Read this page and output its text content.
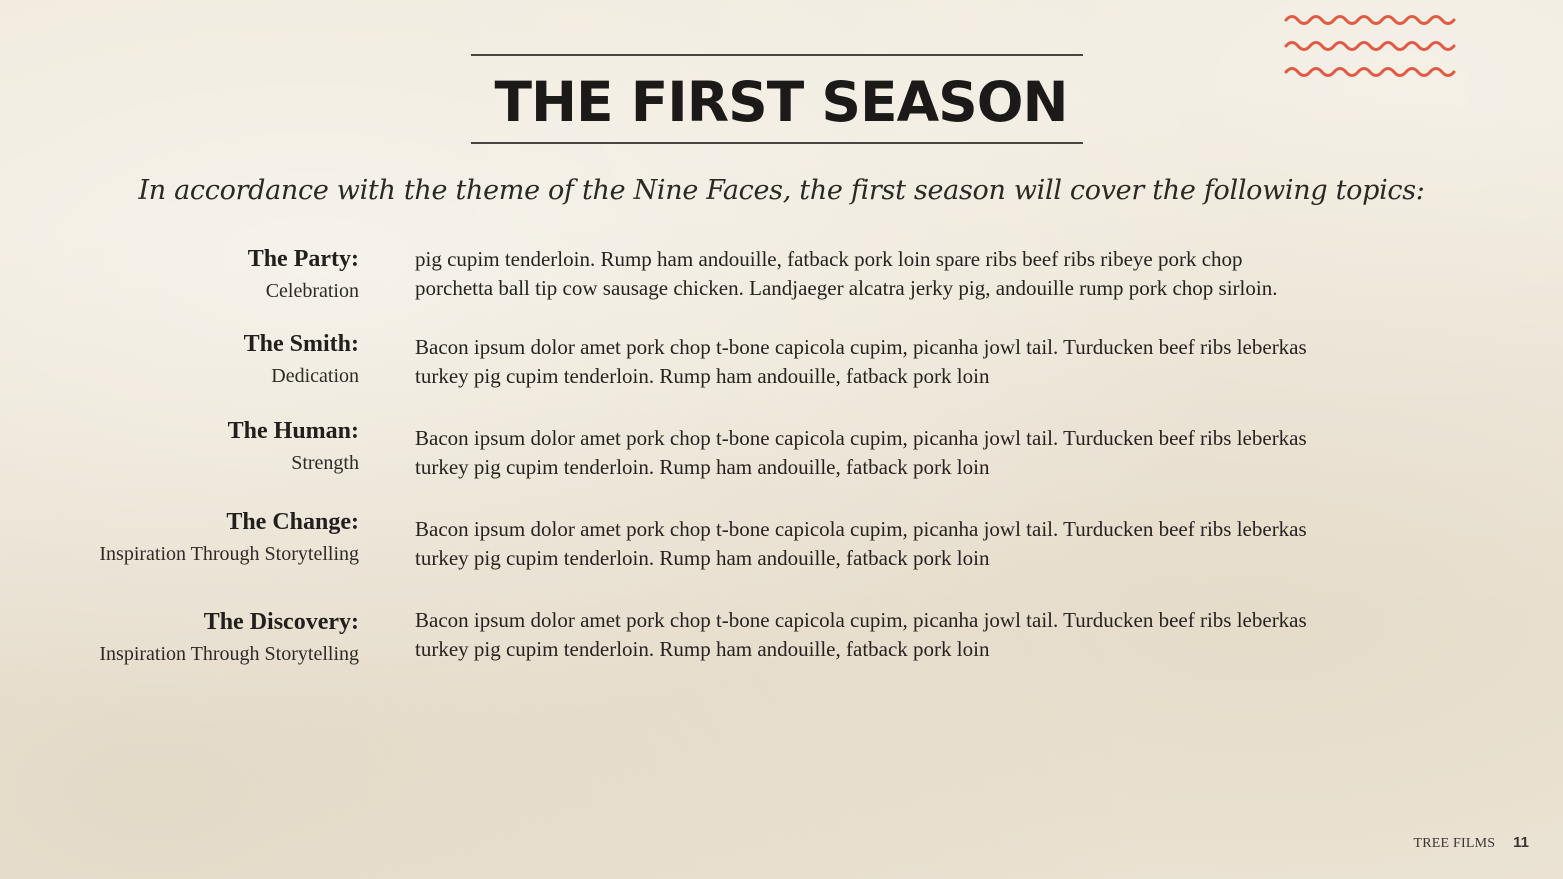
THE FIRST SEASON

In accordance with the theme of the Nine Faces, the first season will cover the following topics:

The Party:
Celebration
pig cupim tenderloin. Rump ham andouille, fatback pork loin spare ribs beef ribs ribeye pork chop
porchetta ball tip cow sausage chicken. Landjaeger alcatra jerky pig, andouille rump pork chop sirloin.
The Smith:
Dedication
Bacon ipsum dolor amet pork chop t-bone capicola cupim, picanha jowl tail. Turducken beef ribs leberkas
turkey pig cupim tenderloin. Rump ham andouille, fatback pork loin
The Human:
Strength
Bacon ipsum dolor amet pork chop t-bone capicola cupim, picanha jowl tail. Turducken beef ribs leberkas
turkey pig cupim tenderloin. Rump ham andouille, fatback pork loin
The Change:
Inspiration Through Storytelling
Bacon ipsum dolor amet pork chop t-bone capicola cupim, picanha jowl tail. Turducken beef ribs leberkas
turkey pig cupim tenderloin. Rump ham andouille, fatback pork loin
The Discovery:
Inspiration Through Storytelling
Bacon ipsum dolor amet pork chop t-bone capicola cupim, picanha jowl tail. Turducken beef ribs leberkas
turkey pig cupim tenderloin. Rump ham andouille, fatback pork loin
TREE FILMS 11
